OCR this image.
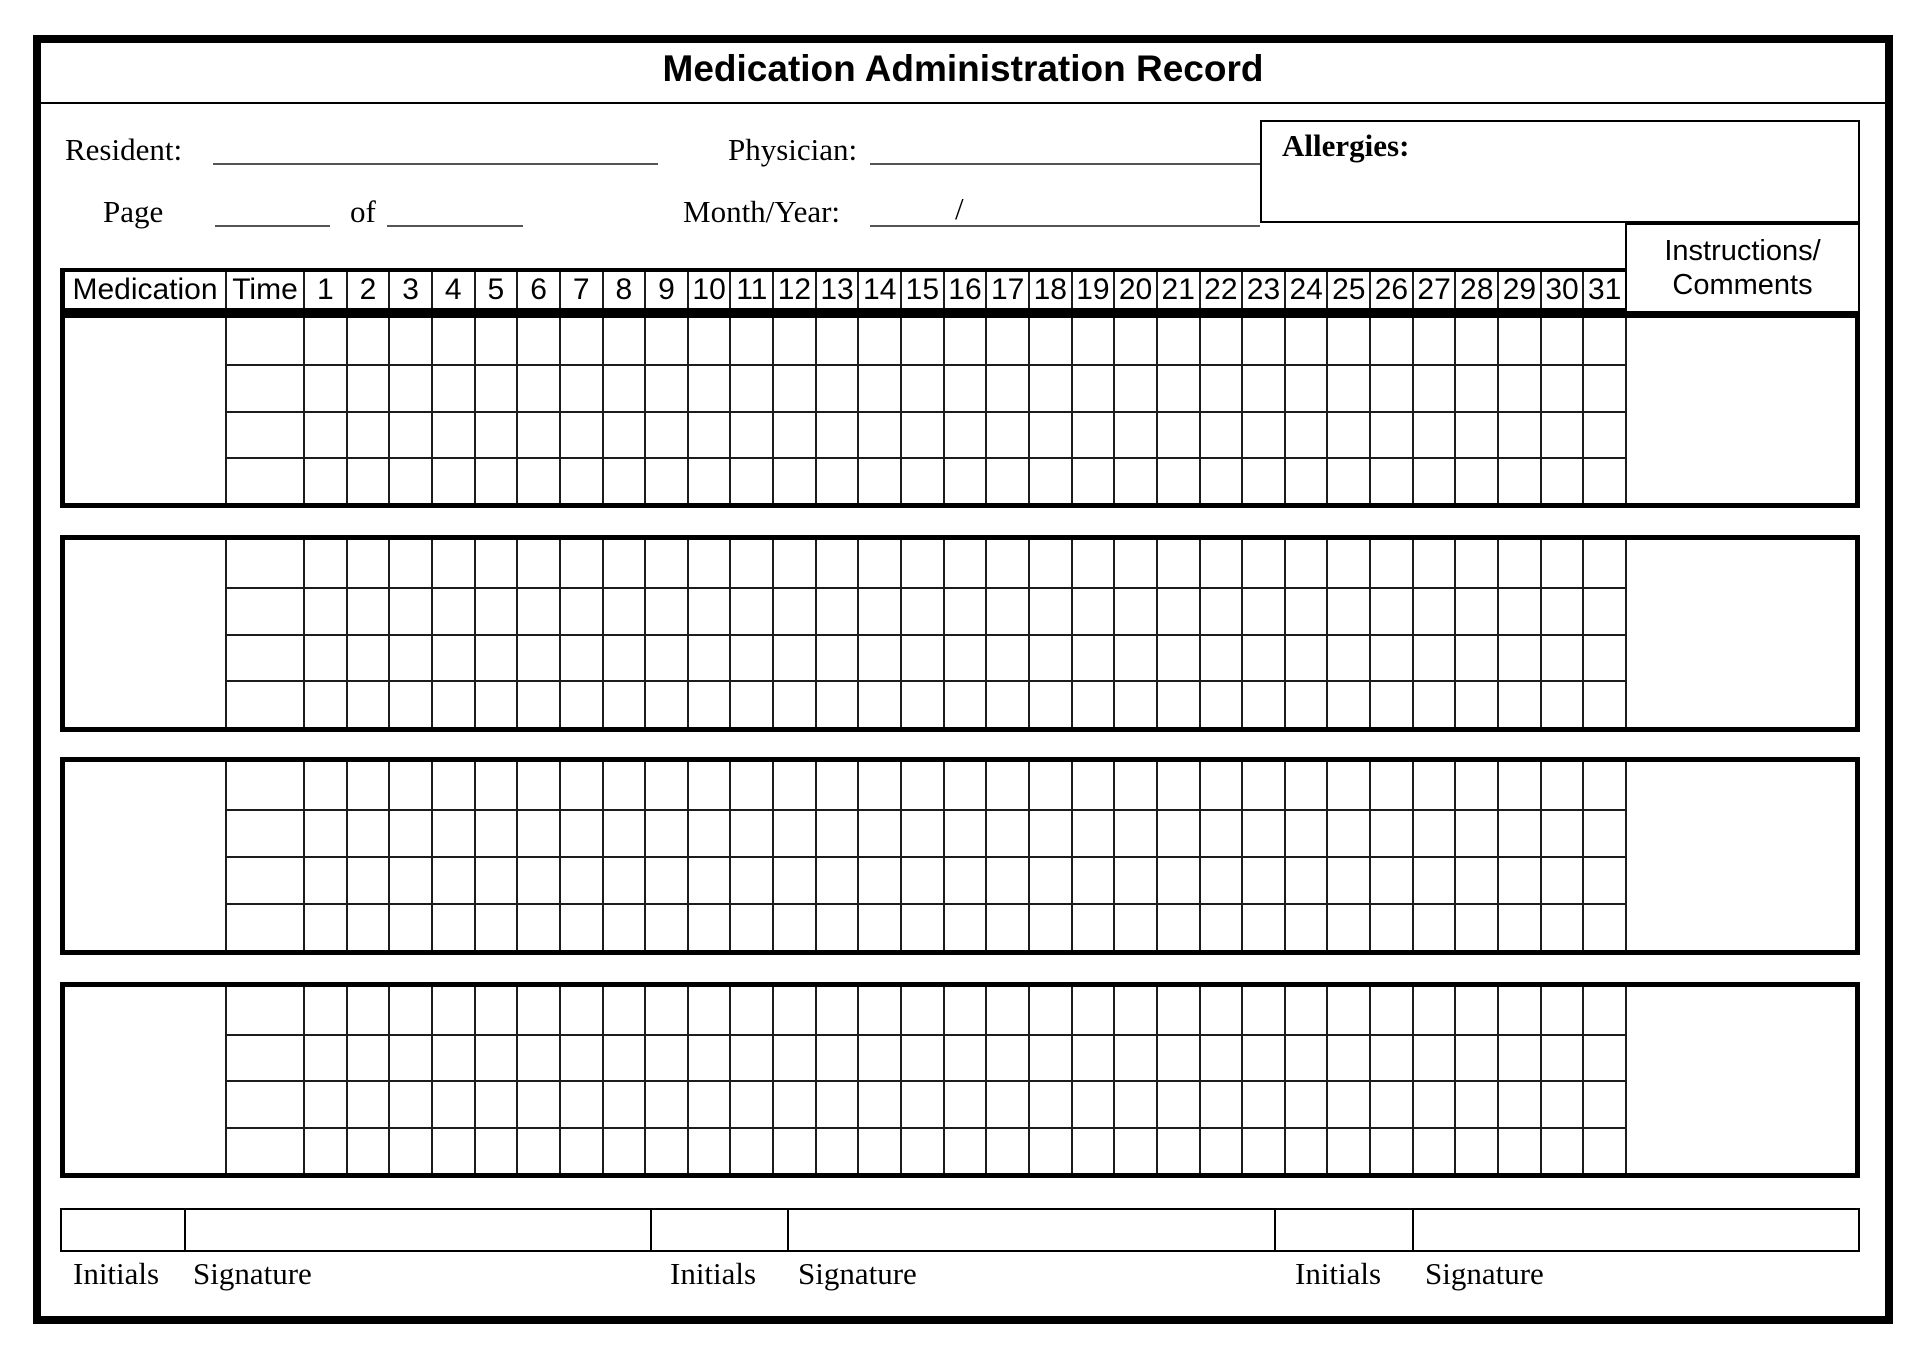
Medication Administration Record
Resident:	Physician:
Page	of	Month/Year:	/
Allergies:
Instructions/
Comments
Medication Time 1 2 3 4 5 6 7 8 9 10 11 12 13 14 15 16 17 18 19 20 21 22 23 24 25 26 27 28 29 30 31
Initials Signature	Initials Signature	Initials Signature
